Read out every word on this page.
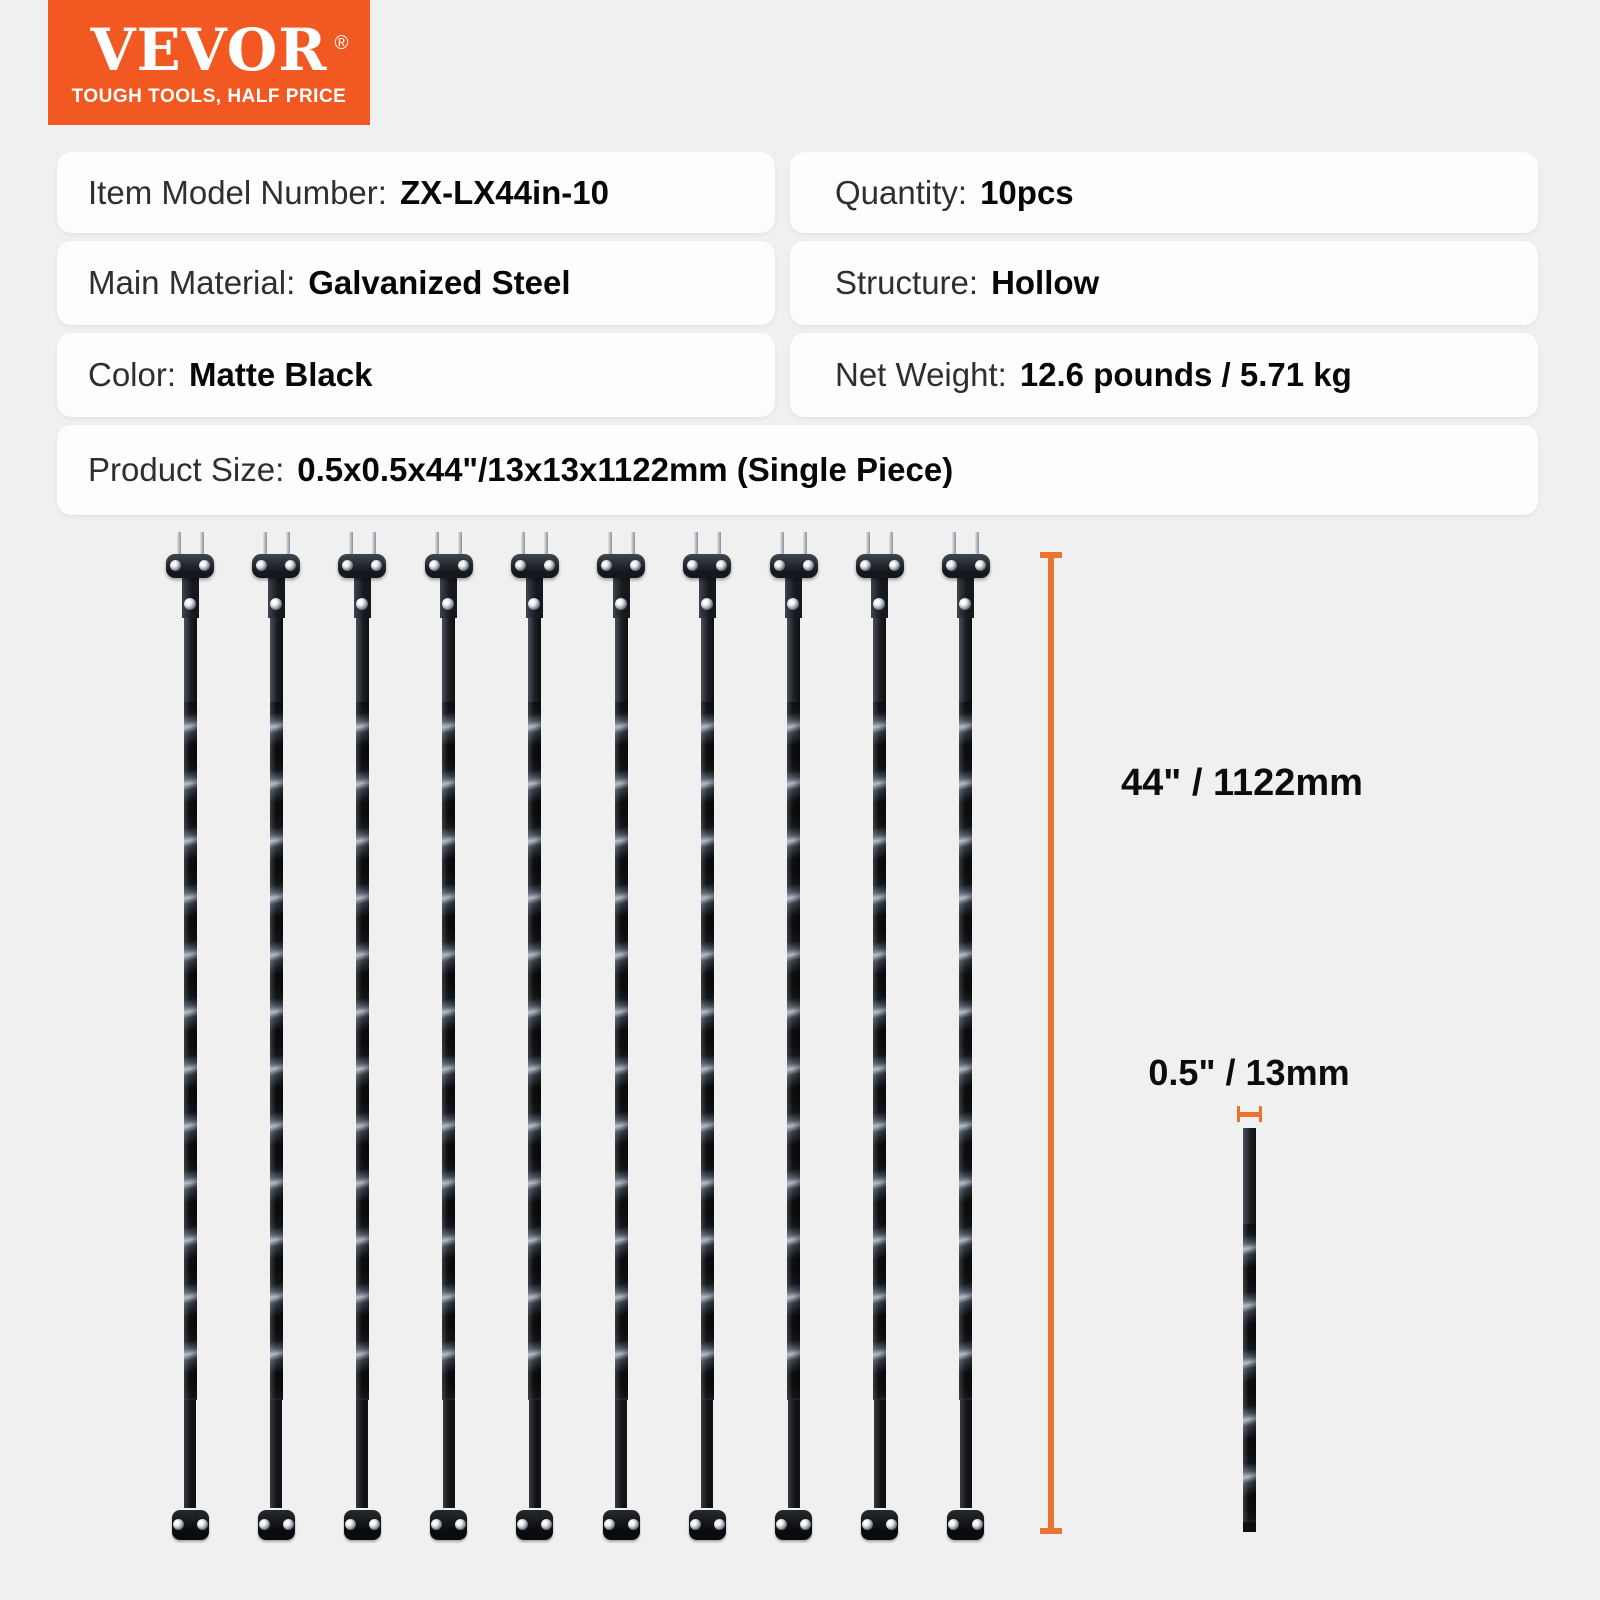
VEVOR ®
TOUGH TOOLS, HALF PRICE
Item Model Number: ZX-LX44in-10	Quantity: 10pcs
Main Material: Galvanized Steel	Structure: Hollow
Color: Matte Black	Net Weight: 12.6 pounds / 5.71 kg
Product Size: 0.5x0.5x44"/13x13x1122mm (Single Piece)
44" / 1122mm
0.5" / 13mm
